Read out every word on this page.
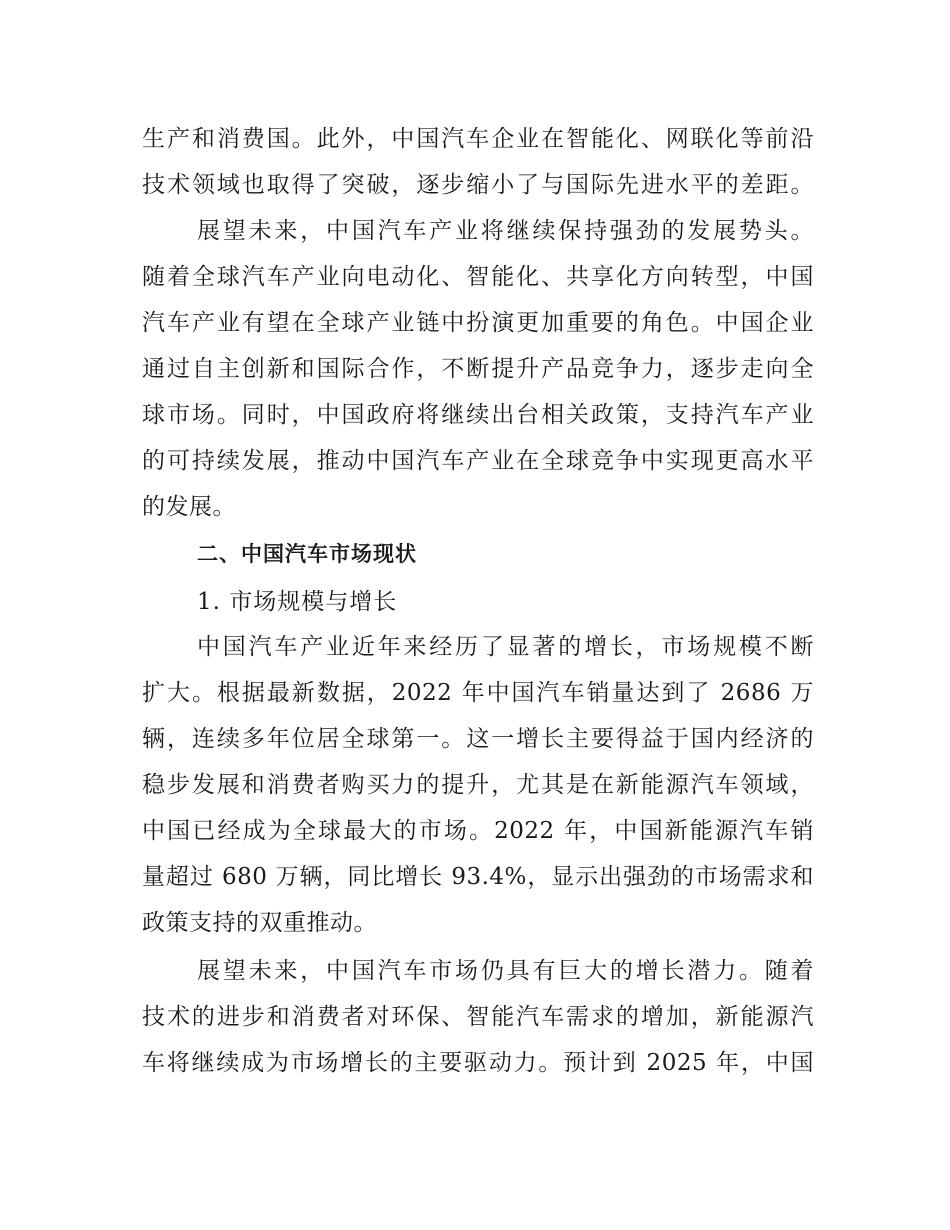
生产和消费国。此外，中国汽车企业在智能化、网联化等前沿
技术领域也取得了突破，逐步缩小了与国际先进水平的差距。
展望未来，中国汽车产业将继续保持强劲的发展势头。
随着全球汽车产业向电动化、智能化、共享化方向转型，中国
汽车产业有望在全球产业链中扮演更加重要的角色。中国企业
通过自主创新和国际合作，不断提升产品竞争力，逐步走向全
球市场。同时，中国政府将继续出台相关政策，支持汽车产业
的可持续发展，推动中国汽车产业在全球竞争中实现更高水平
的发展。
二、中国汽车市场现状
1. 市场规模与增长
中国汽车产业近年来经历了显著的增长，市场规模不断
扩大。根据最新数据，2022 年中国汽车销量达到了 2686 万
辆，连续多年位居全球第一。这一增长主要得益于国内经济的
稳步发展和消费者购买力的提升，尤其是在新能源汽车领域，
中国已经成为全球最大的市场。2022 年，中国新能源汽车销
量超过 680 万辆，同比增长 93.4%，显示出强劲的市场需求和
政策支持的双重推动。
展望未来，中国汽车市场仍具有巨大的增长潜力。随着
技术的进步和消费者对环保、智能汽车需求的增加，新能源汽
车将继续成为市场增长的主要驱动力。预计到 2025 年，中国
